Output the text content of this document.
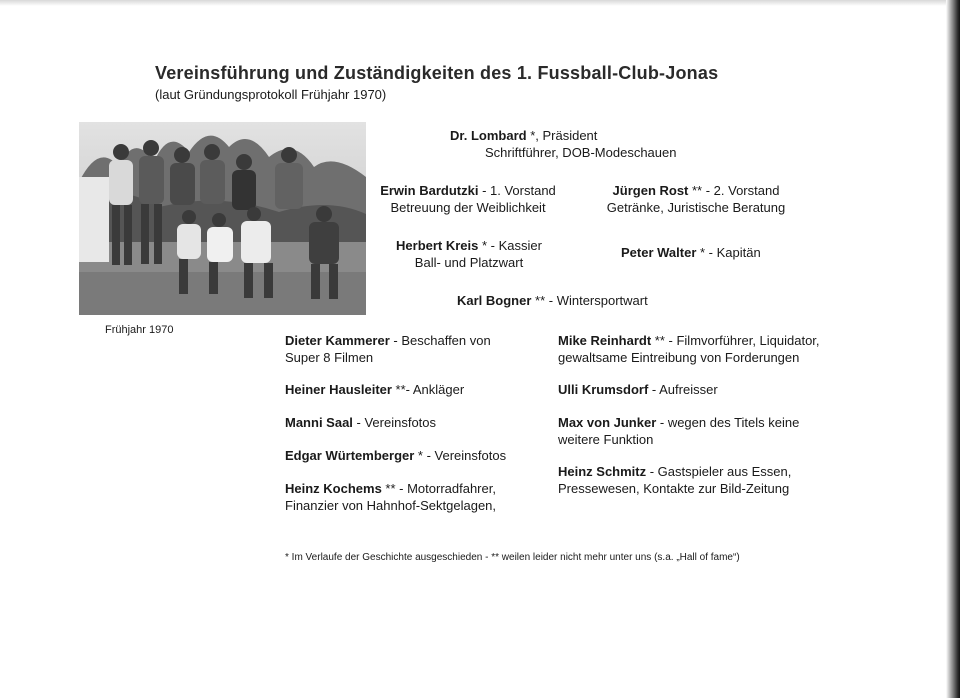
Vereinsführung und Zuständigkeiten des 1. Fussball-Club-Jonas
(laut Gründungsprotokoll Frühjahr 1970)
Frühjahr 1970
Dr. Lombard *, Präsident
Schriftführer, DOB-Modeschauen
Erwin Bardutzki - 1. Vorstand
Betreuung der Weiblichkeit
Jürgen Rost ** - 2. Vorstand
Getränke, Juristische Beratung
Herbert Kreis * - Kassier
Ball- und Platzwart
Peter Walter * - Kapitän
Karl Bogner ** - Wintersportwart
Dieter Kammerer - Beschaffen von
Super 8 Filmen
Heiner Hausleiter **- Ankläger
Manni Saal - Vereinsfotos
Edgar Würtemberger * - Vereinsfotos
Heinz Kochems ** - Motorradfahrer,
Finanzier von Hahnhof-Sektgelagen,
Mike Reinhardt ** - Filmvorführer, Liquidator,
gewaltsame Eintreibung von Forderungen
Ulli Krumsdorf - Aufreisser
Max von Junker - wegen des Titels keine
weitere Funktion
Heinz Schmitz - Gastspieler aus Essen,
Pressewesen, Kontakte zur Bild-Zeitung
* Im Verlaufe der Geschichte ausgeschieden - ** weilen leider nicht mehr unter uns (s.a. „Hall of fame“)
